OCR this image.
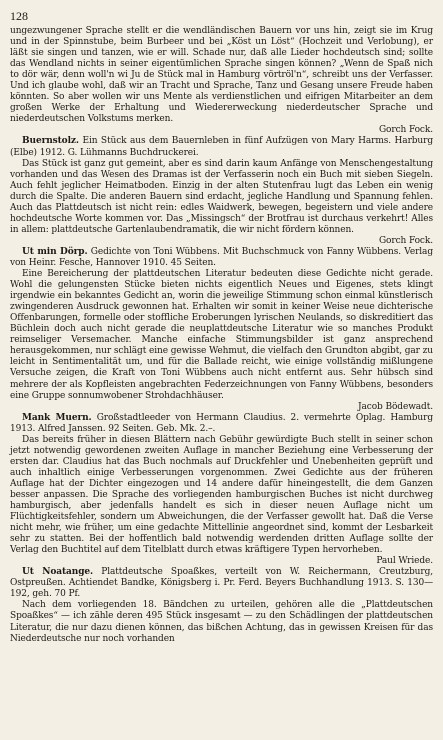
128

ungezwungener Sprache stellt er die wendländischen Bauern vor uns hin, zeigt sie im Krug und in der Spinnstube, beim Burbeer und bei „Köst un Löst“ (Hochzeit und Verlobung), er läßt sie singen und tanzen, wie er will. Schade nur, daß alle Lieder hochdeutsch sind; sollte das Wendland nichts in seiner eigentümlichen Sprache singen können? „Wenn de Spaß nich to dör wär, denn woll'n wi Ju de Stück mal in Hamburg vörtröl'n“, schreibt uns der Verfasser. Und ich glaube wohl, daß wir an Tracht und Sprache, Tanz und Gesang unsere Freude haben könnten. So aber wollen wir uns Mente als verdienstlichen und eifrigen Mitarbeiter an dem großen Werke der Erhaltung und Wiedererweckung niederdeutscher Sprache und niederdeutschen Volkstums merken.

Gorch Fock.

Buernstolz. Ein Stück aus dem Bauernleben in fünf Aufzügen von Mary Harms. Harburg (Elbe) 1912. G. Lühmanns Buchdruckerei.

Das Stück ist ganz gut gemeint, aber es sind darin kaum Anfänge von Menschengestaltung vorhanden und das Wesen des Dramas ist der Verfasserin noch ein Buch mit sieben Siegeln. Auch fehlt jeglicher Heimatboden. Einzig in der alten Stutenfrau lugt das Leben ein wenig durch die Spalte. Die anderen Bauern sind erdacht, jegliche Handlung und Spannung fehlen. Auch das Plattdeutsch ist nicht rein: edles Waidwerk, bewegen, begeistern und viele andere hochdeutsche Worte kommen vor. Das „Missingsch“ der Brotfrau ist durchaus verkehrt! Alles in allem: plattdeutsche Gartenlaubendramatik, die wir nicht fördern können.

Gorch Fock.

Ut min Dörp. Gedichte von Toni Wübbens. Mit Buchschmuck von Fanny Wübbens. Verlag von Heinr. Fesche, Hannover 1910. 45 Seiten.

Eine Bereicherung der plattdeutschen Literatur bedeuten diese Gedichte nicht gerade. Wohl die gelungensten Stücke bieten nichts eigentlich Neues und Eigenes, stets klingt irgendwie ein bekanntes Gedicht an, worin die jeweilige Stimmung schon einmal künstlerisch zwingenderen Ausdruck gewonnen hat. Erhalten wir somit in keiner Weise neue dichterische Offenbarungen, formelle oder stoffliche Eroberungen lyrischen Neulands, so diskreditiert das Büchlein doch auch nicht gerade die neuplattdeutsche Literatur wie so manches Produkt reimseliger Versemacher. Manche einfache Stimmungsbilder ist ganz ansprechend herausgekommen, nur schlägt eine gewisse Wehmut, die vielfach den Grundton abgibt, gar zu leicht in Sentimentalität um, und für die Ballade reicht, wie einige vollständig mißlungene Versuche zeigen, die Kraft von Toni Wübbens auch nicht entfernt aus. Sehr hübsch sind mehrere der als Kopfleisten angebrachten Federzeichnungen von Fanny Wübbens, besonders eine Gruppe sonnumwobener Strohdachhäuser.

Jacob Bödewadt.

Mank Muern. Großstadtleeder von Hermann Claudius. 2. vermehrte Oplag. Hamburg 1913. Alfred Janssen. 92 Seiten. Geb. Mk. 2.–.

Das bereits früher in diesen Blättern nach Gebühr gewürdigte Buch stellt in seiner schon jetzt notwendig gewordenen zweiten Auflage in mancher Beziehung eine Verbesserung der ersten dar. Claudius hat das Buch nochmals auf Druckfehler und Unebenheiten geprüft und auch inhaltlich einige Verbesserungen vorgenommen. Zwei Gedichte aus der früheren Auflage hat der Dichter eingezogen und 14 andere dafür hineingestellt, die dem Ganzen besser anpassen. Die Sprache des vorliegenden hamburgischen Buches ist nicht durchweg hamburgisch, aber jedenfalls handelt es sich in dieser neuen Auflage nicht um Flüchtigkeitsfehler, sondern um Abweichungen, die der Verfasser gewollt hat. Daß die Verse nicht mehr, wie früher, um eine gedachte Mittellinie angeordnet sind, kommt der Lesbarkeit sehr zu statten. Bei der hoffentlich bald notwendig werdenden dritten Auflage sollte der Verlag den Buchtitel auf dem Titelblatt durch etwas kräftigere Typen hervorheben.

Paul Wriede.

Ut Noatange. Plattdeutsche Spoaßkes, verteilt von W. Reichermann, Creutzburg, Ostpreußen. Achtiendet Bandke, Königsberg i. Pr. Ferd. Beyers Buchhandlung 1913. S. 130—192, geh. 70 Pf.

Nach dem vorliegenden 18. Bändchen zu urteilen, gehören alle die „Plattdeutschen Spoaßkes“ — ich zähle deren 495 Stück insgesamt — zu den Schädlingen der plattdeutschen Literatur, die nur dazu dienen können, das bißchen Achtung, das in gewissen Kreisen für das Niederdeutsche nur noch vorhanden
